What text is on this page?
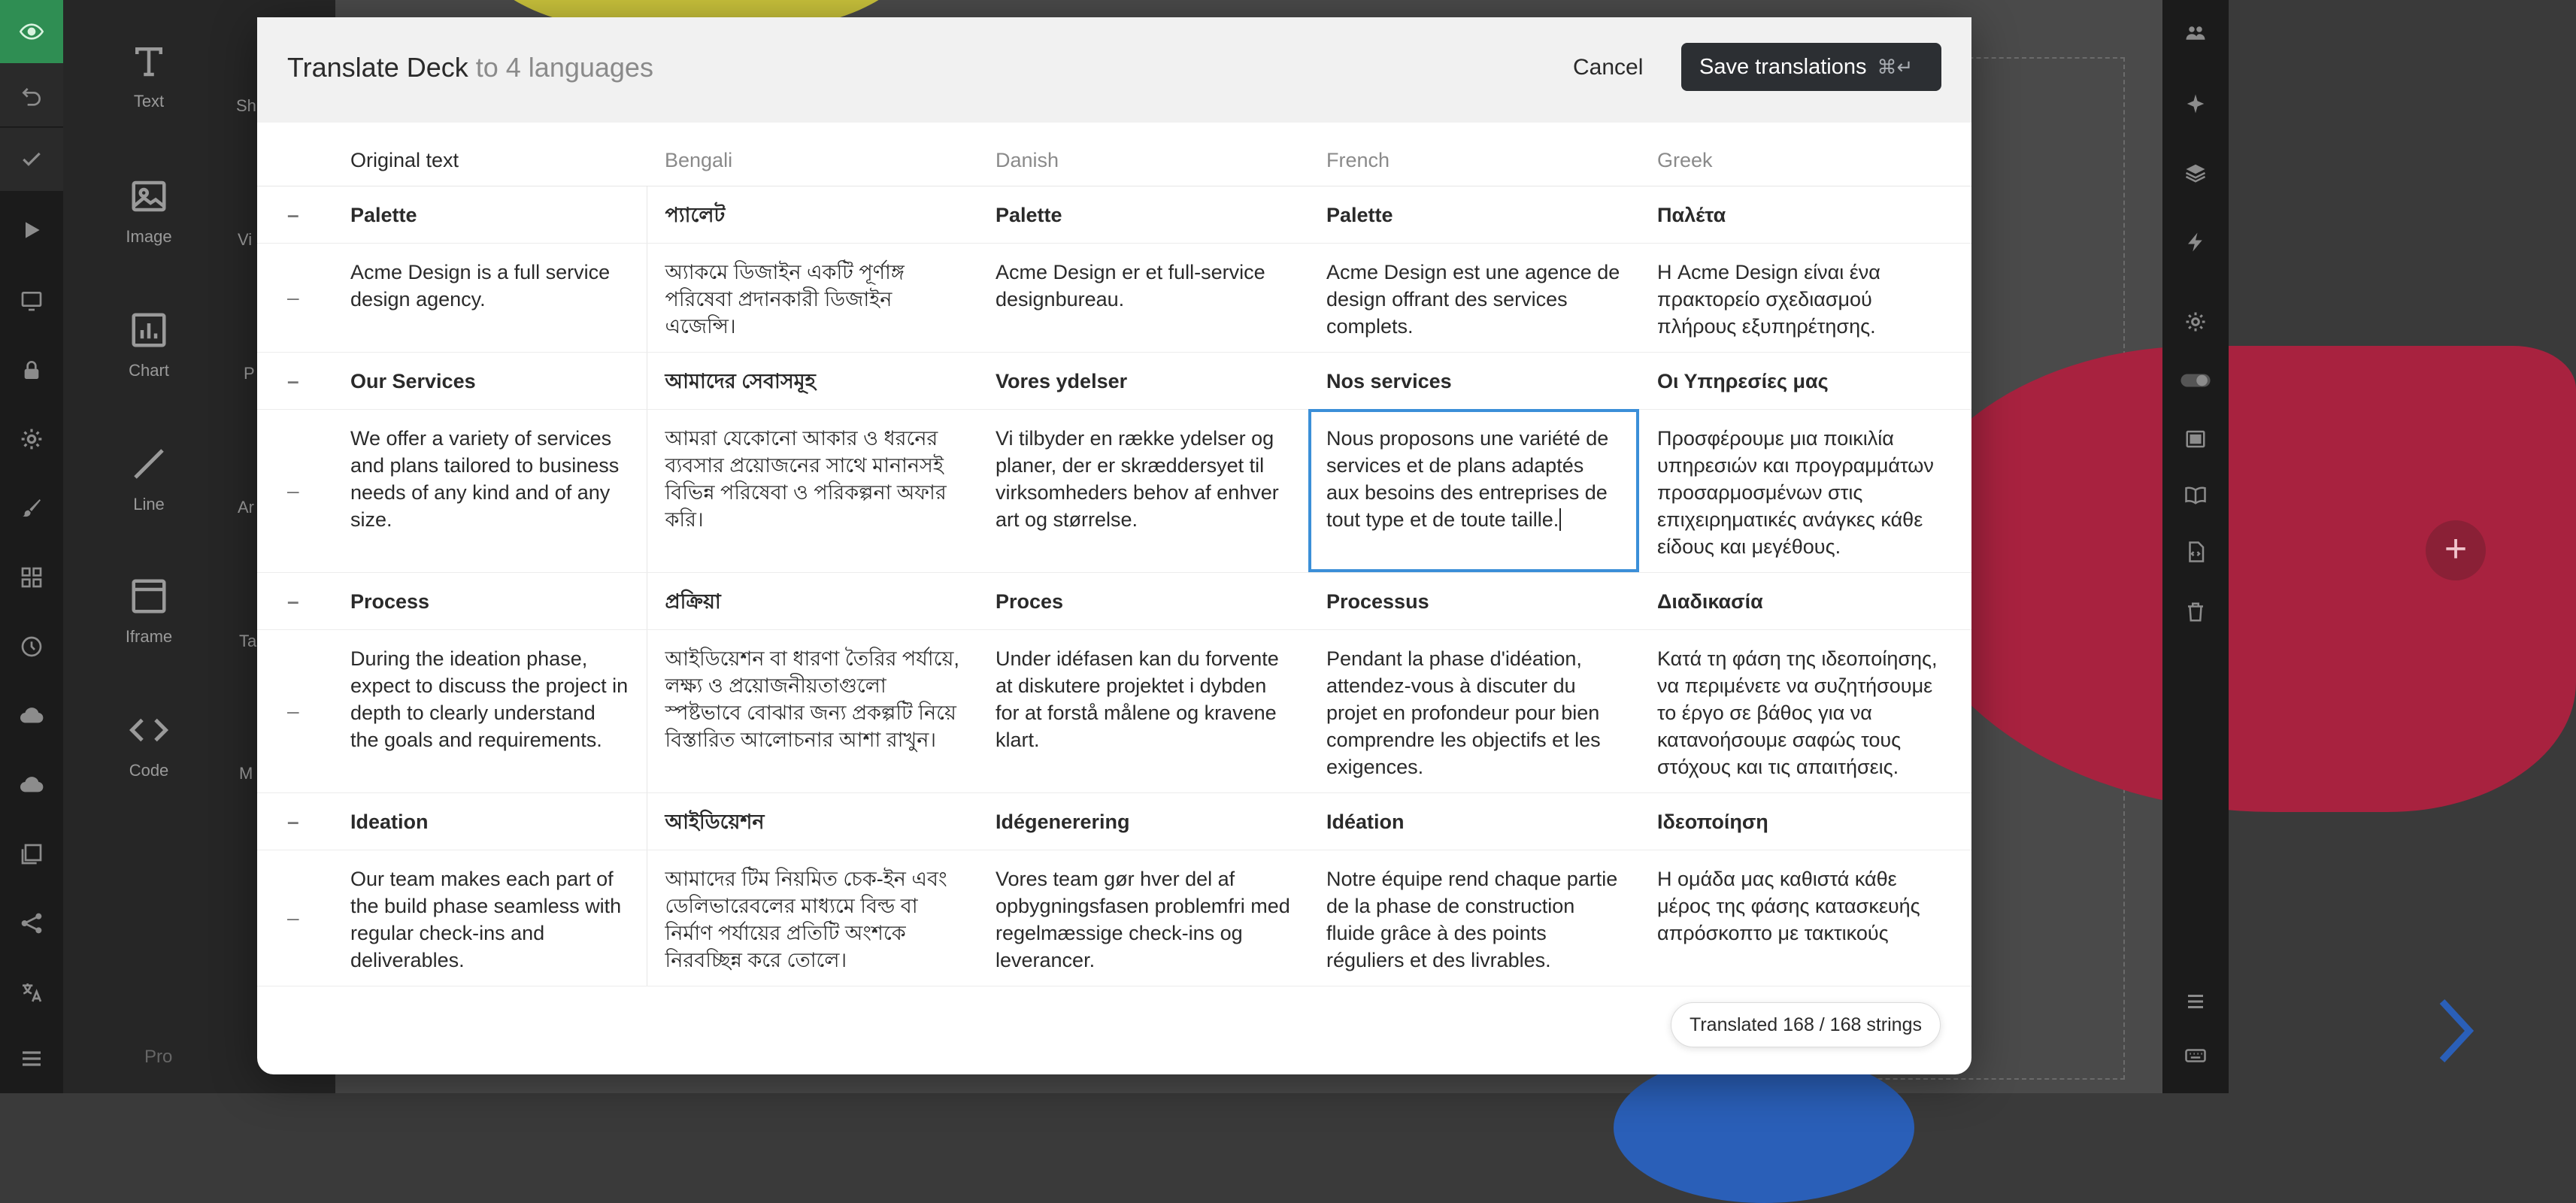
Text
Image
Chart
Line
Iframe
Code
Sh
Vi
P
Ar
Ta
M
Pro
+
Translate Deck to 4 languages	Cancel	Save translations ⌘↵
	Original text	Bengali	Danish	French	Greek
–	Palette	প্যালেট	Palette	Palette	Παλέτα
–	Acme Design is a full service design agency.	অ্যাকমে ডিজাইন একটি পূর্ণাঙ্গ পরিষেবা প্রদানকারী ডিজাইন এজেন্সি।	Acme Design er et full-service designbureau.	Acme Design est une agence de design offrant des services complets.	Η Acme Design είναι ένα πρακτορείο σχεδιασμού πλήρους εξυπηρέτησης.
–	Our Services	আমাদের সেবাসমূহ	Vores ydelser	Nos services	Οι Υπηρεσίες μας
–	We offer a variety of services and plans tailored to business needs of any kind and of any size.	আমরা যেকোনো আকার ও ধরনের ব্যবসার প্রয়োজনের সাথে মানানসই বিভিন্ন পরিষেবা ও পরিকল্পনা অফার করি।	Vi tilbyder en række ydelser og planer, der er skræddersyet til virksomheders behov af enhver art og størrelse.	Nous proposons une variété de services et de plans adaptés aux besoins des entreprises de tout type et de toute taille.	Προσφέρουμε μια ποικιλία υπηρεσιών και προγραμμάτων προσαρμοσμένων στις επιχειρηματικές ανάγκες κάθε είδους και μεγέθους.
–	Process	প্রক্রিয়া	Proces	Processus	Διαδικασία
–	During the ideation phase, expect to discuss the project in depth to clearly understand the goals and requirements.	আইডিয়েশন বা ধারণা তৈরির পর্যায়ে, লক্ষ্য ও প্রয়োজনীয়তাগুলো স্পষ্টভাবে বোঝার জন্য প্রকল্পটি নিয়ে বিস্তারিত আলোচনার আশা রাখুন।	Under idéfasen kan du forvente at diskutere projektet i dybden for at forstå målene og kravene klart.	Pendant la phase d'idéation, attendez-vous à discuter du projet en profondeur pour bien comprendre les objectifs et les exigences.	Κατά τη φάση της ιδεοποίησης, να περιμένετε να συζητήσουμε το έργο σε βάθος για να κατανοήσουμε σαφώς τους στόχους και τις απαιτήσεις.
–	Ideation	আইডিয়েশন	Idégenerering	Idéation	Ιδεοποίηση
–	Our team makes each part of the build phase seamless with regular check-ins and deliverables.	আমাদের টিম নিয়মিত চেক-ইন এবং ডেলিভারেবলের মাধ্যমে বিল্ড বা নির্মাণ পর্যায়ের প্রতিটি অংশকে নিরবচ্ছিন্ন করে তোলে।	Vores team gør hver del af opbygningsfasen problemfri med regelmæssige check-ins og leverancer.	Notre équipe rend chaque partie de la phase de construction fluide grâce à des points réguliers et des livrables.	Η ομάδα μας καθιστά κάθε μέρος της φάσης κατασκευής απρόσκοπτο με τακτικούς
Translated 168 / 168 strings
